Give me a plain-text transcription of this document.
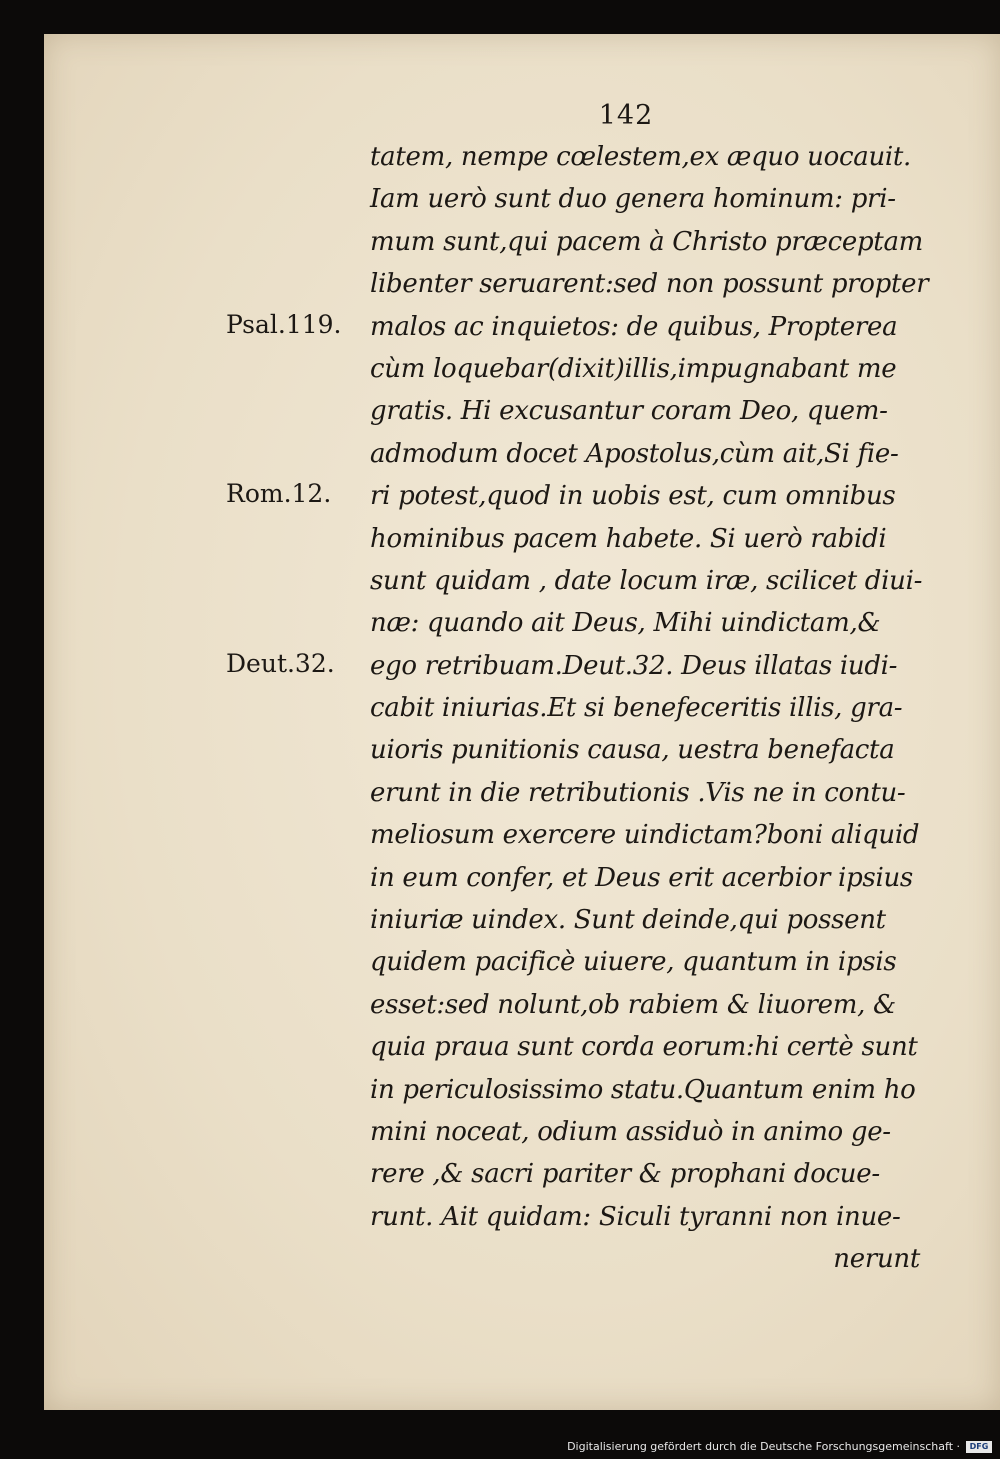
142
tatem, nempe cœlestem,ex æquo uocauit.
Iam uerò sunt duo genera hominum: pri-
mum sunt,qui pacem à Christo præceptam
libenter seruarent:sed non possunt propter
malos ac inquietos: de quibus, Propterea
cùm loquebar(dixit)illis,impugnabant me
gratis. Hi excusantur coram Deo, quem-
admodum docet Apostolus,cùm ait,Si fie-
ri potest,quod in uobis est, cum omnibus
hominibus pacem habete. Si uerò rabidi
sunt quidam , date locum iræ, scilicet diui-
næ: quando ait Deus, Mihi uindictam,&
ego retribuam.Deut.32. Deus illatas iudi-
cabit iniurias.Et si benefeceritis illis, gra-
uioris punitionis causa, uestra benefacta
erunt in die retributionis .Vis ne in contu-
meliosum exercere uindictam?boni aliquid
in eum confer, et Deus erit acerbior ipsius
iniuriæ uindex. Sunt deinde,qui possent
quidem pacificè uiuere, quantum in ipsis
esset:sed nolunt,ob rabiem & liuorem, &
quia praua sunt corda eorum:hi certè sunt
in periculosissimo statu.Quantum enim ho
mini noceat, odium assiduò in animo ge-
rere ,& sacri pariter & prophani docue-
runt. Ait quidam: Siculi tyranni non inue-
nerunt
Psal.119.
Rom.12.
Deut.32.
Digitalisierung gefördert durch die Deutsche Forschungsgemeinschaft ·	DFG
